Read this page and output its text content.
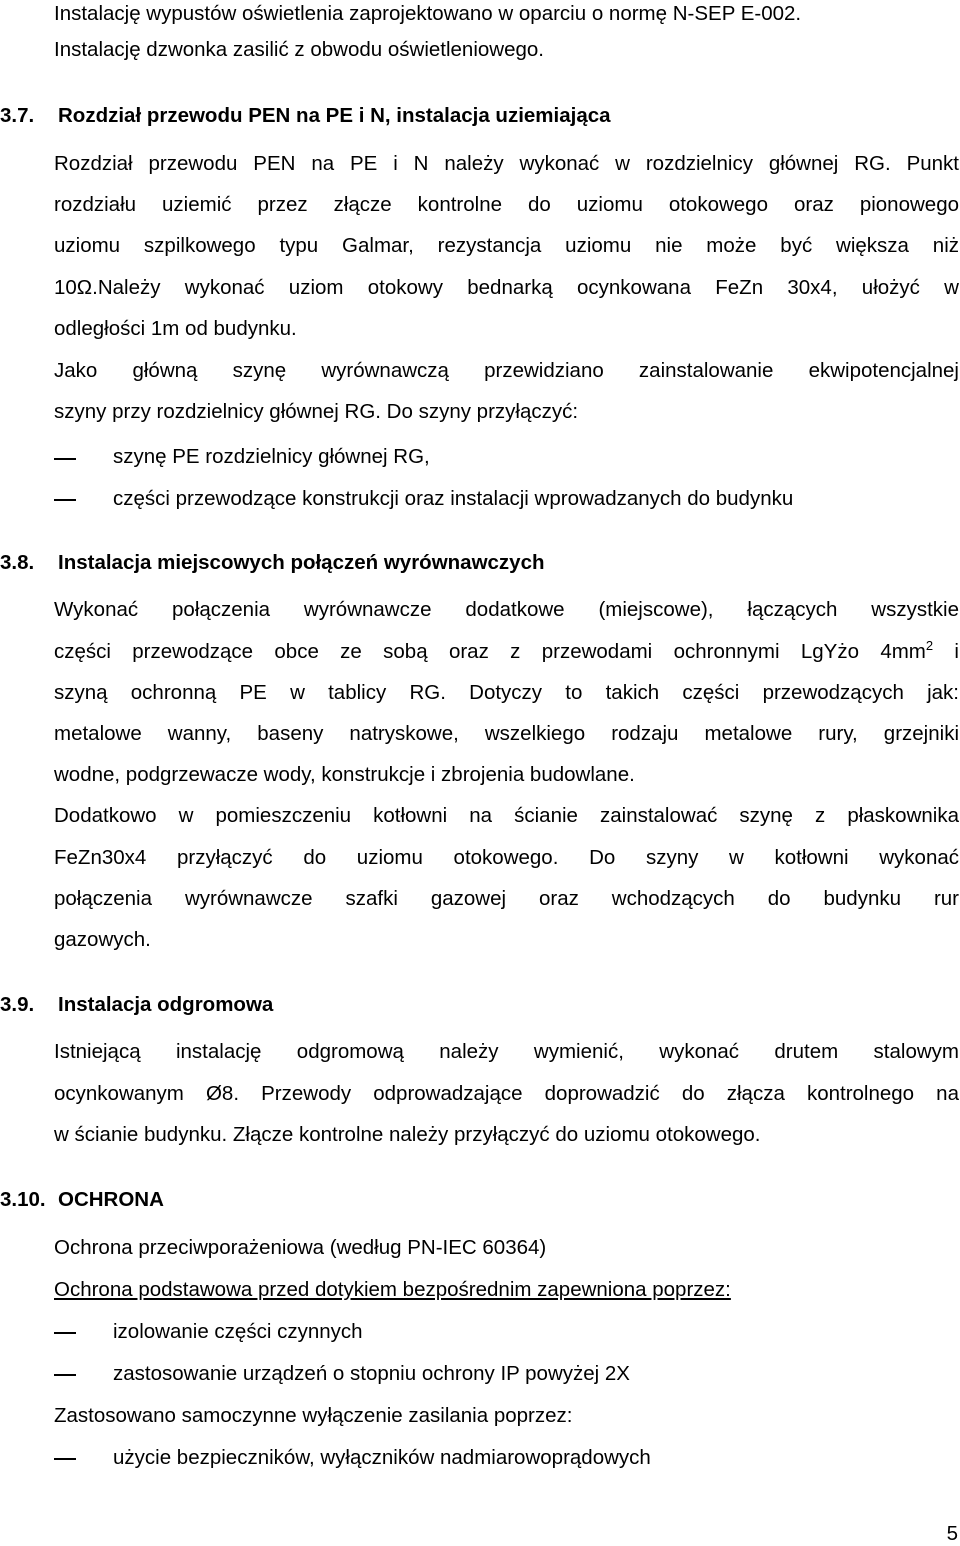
Instalację wypustów oświetlenia zaprojektowano w oparciu o normę N-SEP E-002.
Instalację dzwonka zasilić z obwodu oświetleniowego.
3.7. Rozdział przewodu PEN na PE i N, instalacja uziemiająca
Rozdział przewodu PEN na PE i N należy wykonać w rozdzielnicy głównej RG. Punkt
rozdziału uziemić przez złącze kontrolne do uziomu otokowego oraz pionowego
uziomu szpilkowego typu Galmar, rezystancja uziomu nie może być większa niż
10Ω.Należy wykonać uziom otokowy bednarką ocynkowana FeZn 30x4, ułożyć w
odległości 1m od budynku.
Jako główną szynę wyrównawczą przewidziano zainstalowanie ekwipotencjalnej
szyny przy rozdzielnicy głównej RG. Do szyny przyłączyć:
szynę PE rozdzielnicy głównej RG,
części przewodzące konstrukcji oraz instalacji wprowadzanych do budynku
3.8. Instalacja miejscowych połączeń wyrównawczych
Wykonać połączenia wyrównawcze dodatkowe (miejscowe), łączących wszystkie
części przewodzące obce ze sobą oraz z przewodami ochronnymi LgYżo $4mm^2$ i
szyną ochronną PE w tablicy RG. Dotyczy to takich części przewodzących jak:
metalowe wanny, baseny natryskowe, wszelkiego rodzaju metalowe rury, grzejniki
wodne, podgrzewacze wody, konstrukcje i zbrojenia budowlane.
Dodatkowo w pomieszczeniu kotłowni na ścianie zainstalować szynę z płaskownika
FeZn30x4 przyłączyć do uziomu otokowego. Do szyny w kotłowni wykonać
połączenia wyrównawcze szafki gazowej oraz wchodzących do budynku rur
gazowych.
3.9. Instalacja odgromowa
Istniejącą instalację odgromową należy wymienić, wykonać drutem stalowym
ocynkowanym Ø8. Przewody odprowadzające doprowadzić do złącza kontrolnego na
w ścianie budynku. Złącze kontrolne należy przyłączyć do uziomu otokowego.
3.10. OCHRONA
Ochrona przeciwporażeniowa (według PN-IEC 60364)
Ochrona podstawowa przed dotykiem bezpośrednim zapewniona poprzez:
izolowanie części czynnych
zastosowanie urządzeń o stopniu ochrony IP powyżej 2X
Zastosowano samoczynne wyłączenie zasilania poprzez:
użycie bezpieczników, wyłączników nadmiarowoprądowych
5
